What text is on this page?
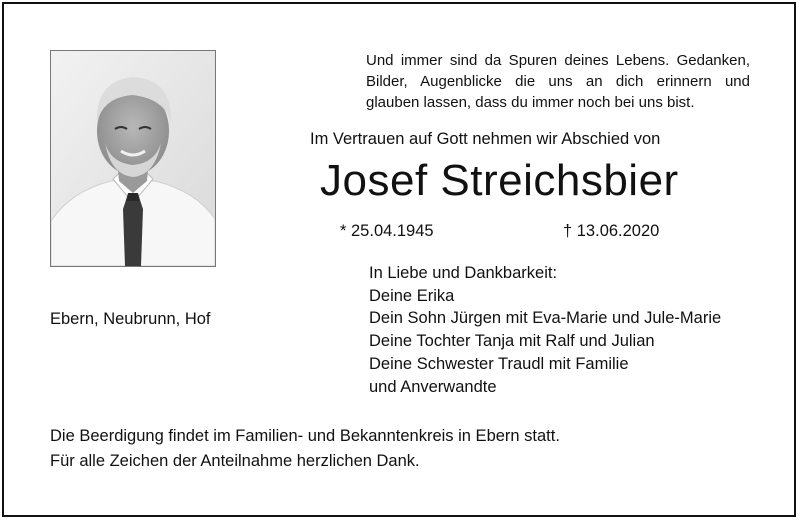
Und immer sind da Spuren deines Lebens. Gedanken,
Bilder, Augenblicke die uns an dich erinnern und
glauben lassen, dass du immer noch bei uns bist.
Im Vertrauen auf Gott nehmen wir Abschied von
Josef Streichsbier
* 25.04.1945	† 13.06.2020
Ebern, Neubrunn, Hof
In Liebe und Dankbarkeit:
Deine Erika
Dein Sohn Jürgen mit Eva-Marie und Jule-Marie
Deine Tochter Tanja mit Ralf und Julian
Deine Schwester Traudl mit Familie
und Anverwandte
Die Beerdigung findet im Familien- und Bekanntenkreis in Ebern statt.
Für alle Zeichen der Anteilnahme herzlichen Dank.
